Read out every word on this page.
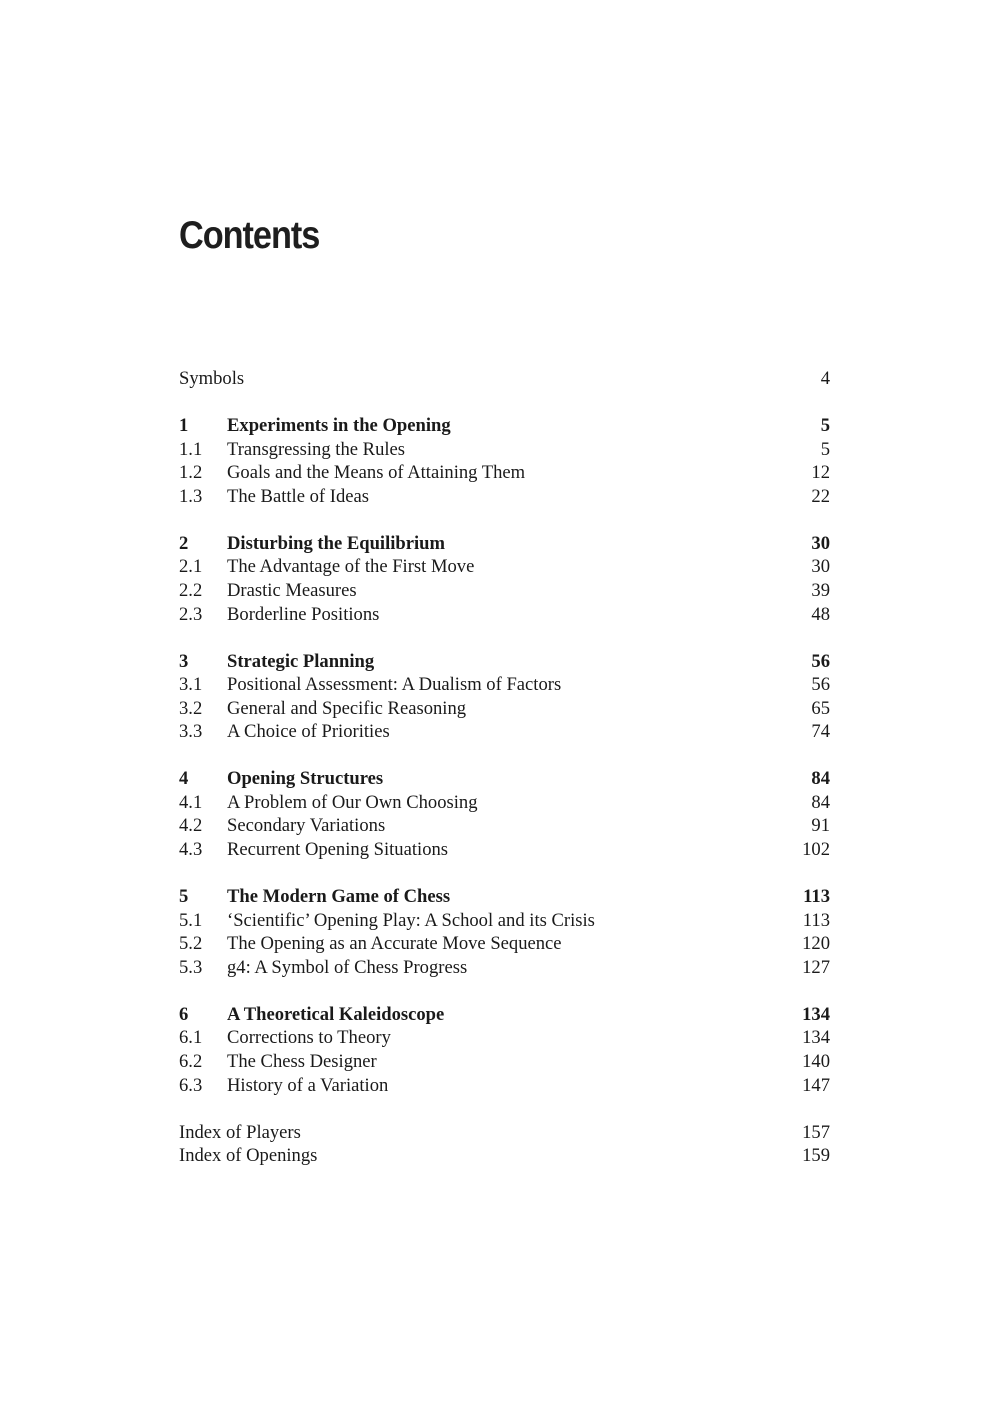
Contents
Symbols	4
1	Experiments in the Opening	5
1.1	Transgressing the Rules	5
1.2	Goals and the Means of Attaining Them	12
1.3	The Battle of Ideas	22
2	Disturbing the Equilibrium	30
2.1	The Advantage of the First Move	30
2.2	Drastic Measures	39
2.3	Borderline Positions	48
3	Strategic Planning	56
3.1	Positional Assessment: A Dualism of Factors	56
3.2	General and Specific Reasoning	65
3.3	A Choice of Priorities	74
4	Opening Structures	84
4.1	A Problem of Our Own Choosing	84
4.2	Secondary Variations	91
4.3	Recurrent Opening Situations	102
5	The Modern Game of Chess	113
5.1	‘Scientific’ Opening Play: A School and its Crisis	113
5.2	The Opening as an Accurate Move Sequence	120
5.3	g4: A Symbol of Chess Progress	127
6	A Theoretical Kaleidoscope	134
6.1	Corrections to Theory	134
6.2	The Chess Designer	140
6.3	History of a Variation	147
Index of Players	157
Index of Openings	159
